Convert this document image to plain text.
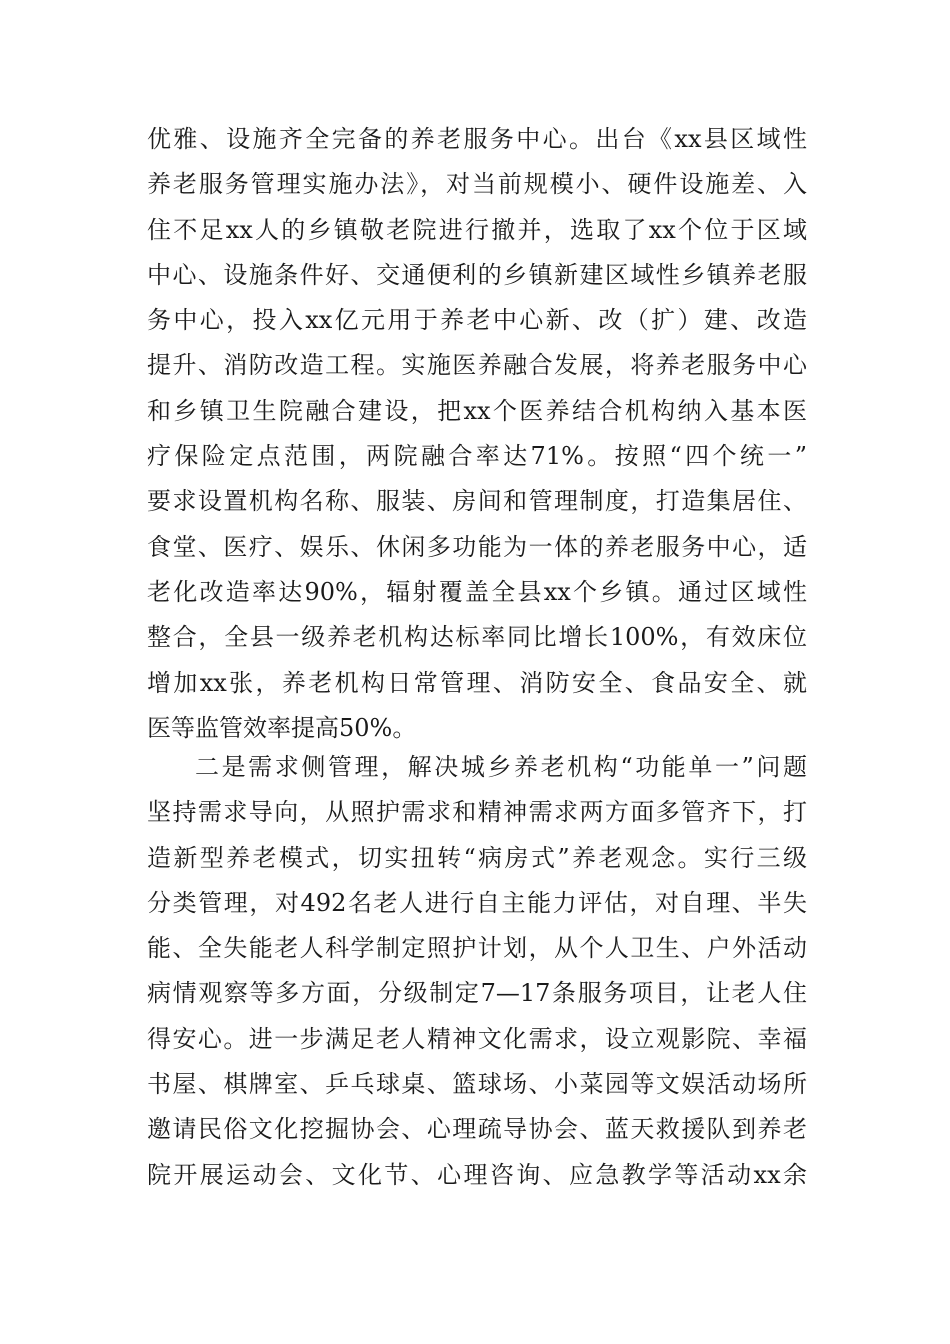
优雅、设施齐全完备的养老服务中心。出台《xx县区域性
养老服务管理实施办法》，对当前规模小、硬件设施差、入
住不足xx人的乡镇敬老院进行撤并，选取了xx个位于区域
中心、设施条件好、交通便利的乡镇新建区域性乡镇养老服
务中心，投入xx亿元用于养老中心新、改（扩）建、改造
提升、消防改造工程。实施医养融合发展，将养老服务中心
和乡镇卫生院融合建设，把xx个医养结合机构纳入基本医
疗保险定点范围，两院融合率达71%。按照“四个统一”
要求设置机构名称、服装、房间和管理制度，打造集居住、
食堂、医疗、娱乐、休闲多功能为一体的养老服务中心，适
老化改造率达90%，辐射覆盖全县xx个乡镇。通过区域性
整合，全县一级养老机构达标率同比增长100%，有效床位
增加xx张，养老机构日常管理、消防安全、食品安全、就
医等监管效率提高50%。
二是需求侧管理，解决城乡养老机构“功能单一”问题
坚持需求导向，从照护需求和精神需求两方面多管齐下，打
造新型养老模式，切实扭转“病房式”养老观念。实行三级
分类管理，对492名老人进行自主能力评估，对自理、半失
能、全失能老人科学制定照护计划，从个人卫生、户外活动
病情观察等多方面，分级制定7—17条服务项目，让老人住
得安心。进一步满足老人精神文化需求，设立观影院、幸福
书屋、棋牌室、乒乓球桌、篮球场、小菜园等文娱活动场所
邀请民俗文化挖掘协会、心理疏导协会、蓝天救援队到养老
院开展运动会、文化节、心理咨询、应急教学等活动xx余
